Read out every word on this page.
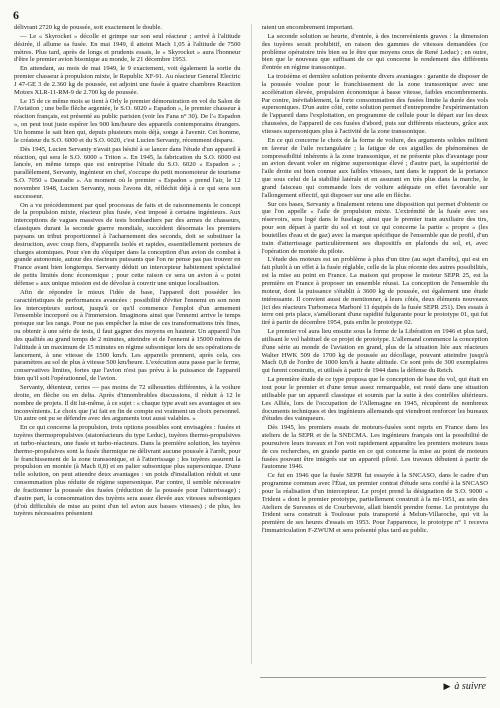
6

délivrant 2720 kg de poussée, soit exactement le double.

— Le « Skyrocket » décolle et grimpe sur son seul réacteur ; arrivé à l'altitude désirée, il allume sa fusée. En mai 1949, il atteint Mach 1,05 à l'altitude de 7500 mètres. Plus tard, après de longs et prudents essais, le « Skyrocket » aura l'honneur d'être le premier avion bisonique au monde, le 21 décembre 1953.

En attendant, au mois de mai 1949, le 9 exactement, voit également la sortie du premier chasseur à propulsion mixte, le Republic XF-91. Au réacteur General Electric J 47-GE 3 de 2.360 kg de poussée, est adjoint une fusée à quatre chambres Reaction Motors XLR-11-RM-9 de 2.700 kg de poussée.

Le 15 de ce même mois se tient à Orly le premier démonstration en vol du Salon de l'Aviation ; une belle flèche argentée, le S.O. 6020 « Espadon », le premier chasseur à réaction français, est présenté au public parisien (voir les Fana n° 30). De l'« Espadon », on peut tout juste espérer les 900 km/heure des appareils contemporains étrangers. Un homme le sait bien qui, depuis plusieurs mois déjà, songe à l'avenir. Cet homme, le créateur du S.O. 6000 et du S.O. 6020, c'est Lucien Servanty, récemment disparu.

Dès 1945, Lucien Servanty n'avait pas hésité à se lancer dans l'étude d'un appareil à réaction, qui sera le S.O. 6000 « Triton ». En 1945, la fabrication du S.O. 6000 est lancée, en même temps que est entreprise l'étude du S.O. 6020 « Espadon » ; parallèlement, Servanty, ingénieur en chef, s'occupe du petit monomoteur de tourisme S.O. 7050 « Dauradie ». Au moment où le premier « Espadon » prend l'air, le 12 novembre 1948, Lucien Servanty, nous l'avons dit, réfléchit déjà à ce qui sera son successeur.

On a vu précédemment par quel processus de faits et de raisonnements le concept de la propulsion mixte, réacteur plus fusée, s'est imposé à certains ingénieurs. Aux interceptions de vagues massives de tests bombardiers par des armes de chasseurs, classiques durant la seconde guerre mondiale, succèdent désormais les premiers paysans un tribut proportionnel à l'acharnement des seconds, doit se substituer la destruction, avec coup fiers, d'appareils isolés et rapides, essentiellement porteurs de charges atomiques. Pour s'en du s'équiper dans la conception d'un avion de combat à grande autonomie, autour des réacteurs puissants que l'on ne pense pas pas trouver en France avant bien longtemps. Servanty déduit un intercepteur habitement spécialisé de petits limités donc économique ; pour cette raison ce sera un avion à « point défense » aux unique mission est de dévolue à couvrir une unique localisation.

Afin de répondre le mieux l'idée de base, l'appareil doit posséder les caractéristiques de performances avancées : possibilité d'éviter l'ennemi en son nom les intercepteurs surtout, jusqu'à ce qu'il commence l'emploi d'un armement l'ensemble incorporé ou à l'immersion. Imaginons ainsi que l'ennemi arrive le temps presque sur les rangs. Pour ne pas empêcher la mise de ces transformations très fines, ou obtenir à une série de tests, il faut gagner des moyens en hauteur. Un appareil l'un des qualités au grand temps de 2 minutes, atteindre et de l'ennemi à 15000 mètres de l'altitude à un maximum de 15 minutes en régime subsonique lors de ses opérations de lancement, à une vitesse de 1500 km/h. Les appareils prennent, après cela, ces paramètres au sol de plus à vitesse 500 km/heure. L'exécution aura passe par le ferme, conservatives limites, fortes que l'avion n'est pas prévu à la puissance de l'appareil bien qu'il soit l'opérationnel, de l'avion.

Servanty, détenteur, certes — pas moins de 72 silhouettes différentes, à la voilure droite, en flèche ou en delta. Après d'innombrables discussions, il réduit à 12 le nombre de projets. Il dit lui-même, à ce sujet : « chaque type avait ses avantages et ses inconvénients. Le choix que j'ai fait en fin de compte est vraiment un choix personnel. Un autre ont pu se défendre avec des arguments tout aussi valables. »

En ce qui concerne la propulsion, trois options possibles sont envisagées : fusées et tuyères thermopropulsives (statoréacteurs du type Leduc), tuyères thermo-propulsives et turbo-réacteurs, une fusée et turbo-réacteurs. Dans la première solution, les tuyères thermo-propulsives sont la fusée thermique ne délivrant aucune poussée à l'arrêt, pour le franchissement de la zone transsonique, et à l'atterrissage ; les tuyères assurent la propulsion en montée (à Mach 0,8) et en palier subsonique plus supersonique. D'une telle solution, on peut attendre deux avantages : un poids d'installation réduit et une consommation plus réduite de régime supersonique. Par contre, il semble nécessaire de fractionner la poussée des fusées (réduction de la poussée pour l'atterrissage) ; d'autre part, la consommation des tuyères sera assez élevée aux vitesses subsoniques (d'où difficultés de mise au point d'un tel avion aux basses vitesses) ; de plus, les tuyères nécessaires présentent

raient un encombrement important.

La seconde solution se heurte, d'entrée, à des inconvénients graves : la dimension des tuyères serait prohibitif, en raison des gammes de vitesses demandées (ce problème opératoire très bien su le être que moyens ceux de René Leduc) ; en outre, bien que le nouveau que suffisant de ce qui concerne le rendement des différents d'entrée en régime transsonique.

La troisième et dernière solution présente divers avantages : garantie de disposer de la poussée voulue pour le franchissement de la zone transsonique avec une accélération élevée, propulsion économique à basse vitesse, faibles encombrements. Par contre, inévitablement, la forte consommation des fusées limite la durée des vols supersoniques. D'un autre côté, cette solution permet d'entreprendre l'expérimentation de l'appareil dans l'exploitation, en programme de cellule pour le départ sur les deux chaussées, de l'appareil de ces fusées d'abord, puis sur différents réacteurs, grâce aux vitesses supersoniques plus à l'activité de la zone transsonique.

En ce qui concerne le choix de la forme de voilure, des arguments solides militent en faveur de l'aile rectangulaire ; la fatigue de ces aiguilles de phénomènes de compressibilité inhérents à la zone transsonique, et ne présente plus d'avantage pour un avion devant voler en régime supersonique élevé ; d'autre part, la supériorité de l'aile droite est bien connue aux faibles vitesses, tant dans le rapport de la portance que sous celui de la stabilité latérale et en assurant en très plus dans la marche, le grand faisceau qui commande lors de voilure adéquate on effet favorable sur l'allongement effectif, qui disposer sur une aile en flèche.

Sur ces bases, Servanty a finalement retenu une disposition qui permet d'obtenir ce que l'on appelle « l'aile de propulsion mixte. L'extrémité de la fusée avec ses réservoirs, sera logé dans le fuselage, ainsi que le premier train auxiliaire des tirs, pour son départ à partir du sol et tout ce qui concerne la partie « propre » (les bouteilles d'eau et de gaz) avec la marque spécifique de l'ensemble que de profil, d'un train d'atterrissage particulièrement ses dispositifs en plafonds du sol, et, avec l'opération de montée du pilote.

L'étude des moteurs est un problème à plus d'un titre (au sujet d'arrêts), qui est en fait plutôt à un effet à la fusée réglable, celle de la plus récente des autres possibilités, est la mise au point en France. La maison qui propose le moteur SEPR 25, est la première en France à proposer un ensemble réussi. La conception de l'ensemble du moteur, dont la puissance s'établit à 3600 kg de poussée, est également une étude intéressante. Il convient aussi de mentionner, à leurs côtés, deux éléments nouveaux (ici des réacteurs Turbomeca Marboré 11 équipés de la fusée SEPR 251). Des essais à terre ont pris place, s'améliorant d'une rapidité fulgurante pour le prototype 01, qui fut tiré à partir de décembre 1954, puis enfin le prototype 02.

Le premier vol aura lieu ensuite sous la forme de la Libération en 1946 et plus tard, utilisant le vol habituel de ce projet de prototype. L'allemand commence la conception d'une série au monde de l'aviation en grand, plus de la situation liée aux réacteurs Walter HWK 509 de 1700 kg de poussée au décollage, pouvant atteindre jusqu'à Mach 0,8 de l'ordre de 1000 km/h à haute altitude. Ce sont près de 300 exemplaires qui furent construits, et utilisés à partir de 1944 dans la défense du Reich.

La première étude de ce type proposa que le conception de base du vol, qui était en tout pour le premier et d'une tenue assez remarquable, est resté dans une situation utilisable par un appareil classique et soumis par la suite à des contrôles ultérieurs. Les Alliés, lors de l'occupation de l'Allemagne en 1945, récupèrent de nombreux documents techniques et des ingénieurs allemands qui viendront renforcer les bureaux d'études des vainqueurs.

Dès 1945, les premiers essais de moteurs-fusées sont repris en France dans les ateliers de la SEPR et de la SNECMA. Les ingénieurs français ont la possibilité de poursuivre leurs travaux et l'on voit rapidement apparaître les premiers moteurs issus de ces recherches, en grande partie en ce qui concerne la mise au point de moteurs fusées pouvant être intégrés sur un appareil piloté. Les travaux débutent à partir de l'automne 1946.

Ce fut en 1946 que la fusée SEPR fut essayée à la SNCASO, dans le cadre d'un programme commun avec l'État, un premier contrat d'étude sera confié à la SNCASO pour la réalisation d'un intercepteur. Le projet prend la désignation de S.O. 9000 « Trident » dont le premier prototype, partiellement construit à la mi-1951, au sein des Ateliers de Suresnes et de Courbevoie, allait bientôt prendre forme. Le prototype du Trident sera construit à Toulouse puis transporté à Melun-Villaroche, qui vit la première de ses heures d'essais en 1953. Pour l'apparence, le prototype n° 1 recevra l'immatriculation F-ZWUM et sera présenté plus tard au public.

▶ à suivre
